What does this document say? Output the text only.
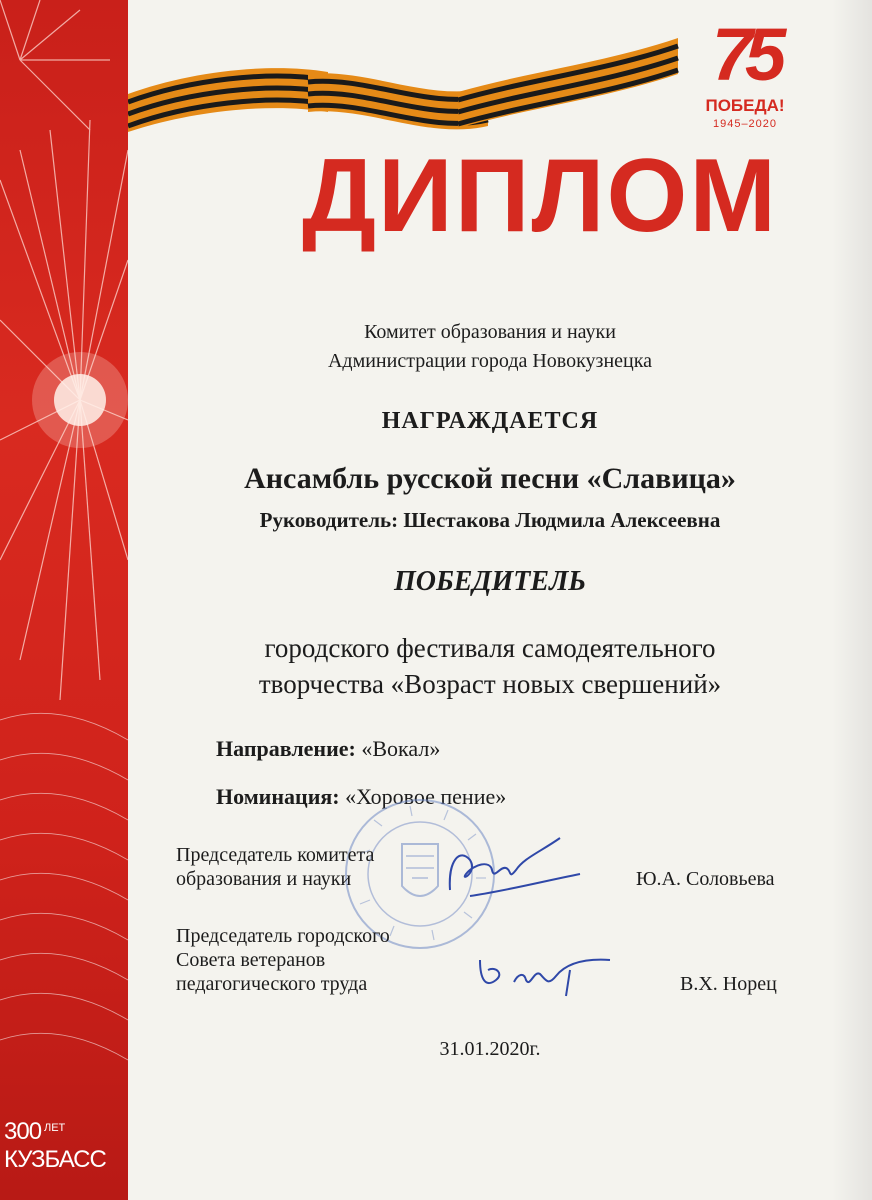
300 ЛЕТ
КУЗБАСС
75
ПОБЕДА!
1945–2020
ДИПЛОМ
Комитет образования и науки
Администрации города Новокузнецка
НАГРАЖДАЕТСЯ
Ансамбль русской песни «Славица»
Руководитель: Шестакова Людмила Алексеевна
ПОБЕДИТЕЛЬ
городского фестиваля самодеятельного
творчества «Возраст новых свершений»
Направление: «Вокал»
Номинация: «Хоровое пение»
Председатель комитета
образования и науки	Ю.А. Соловьева
Председатель городского
Совета ветеранов
педагогического труда	В.Х. Норец
31.01.2020г.
